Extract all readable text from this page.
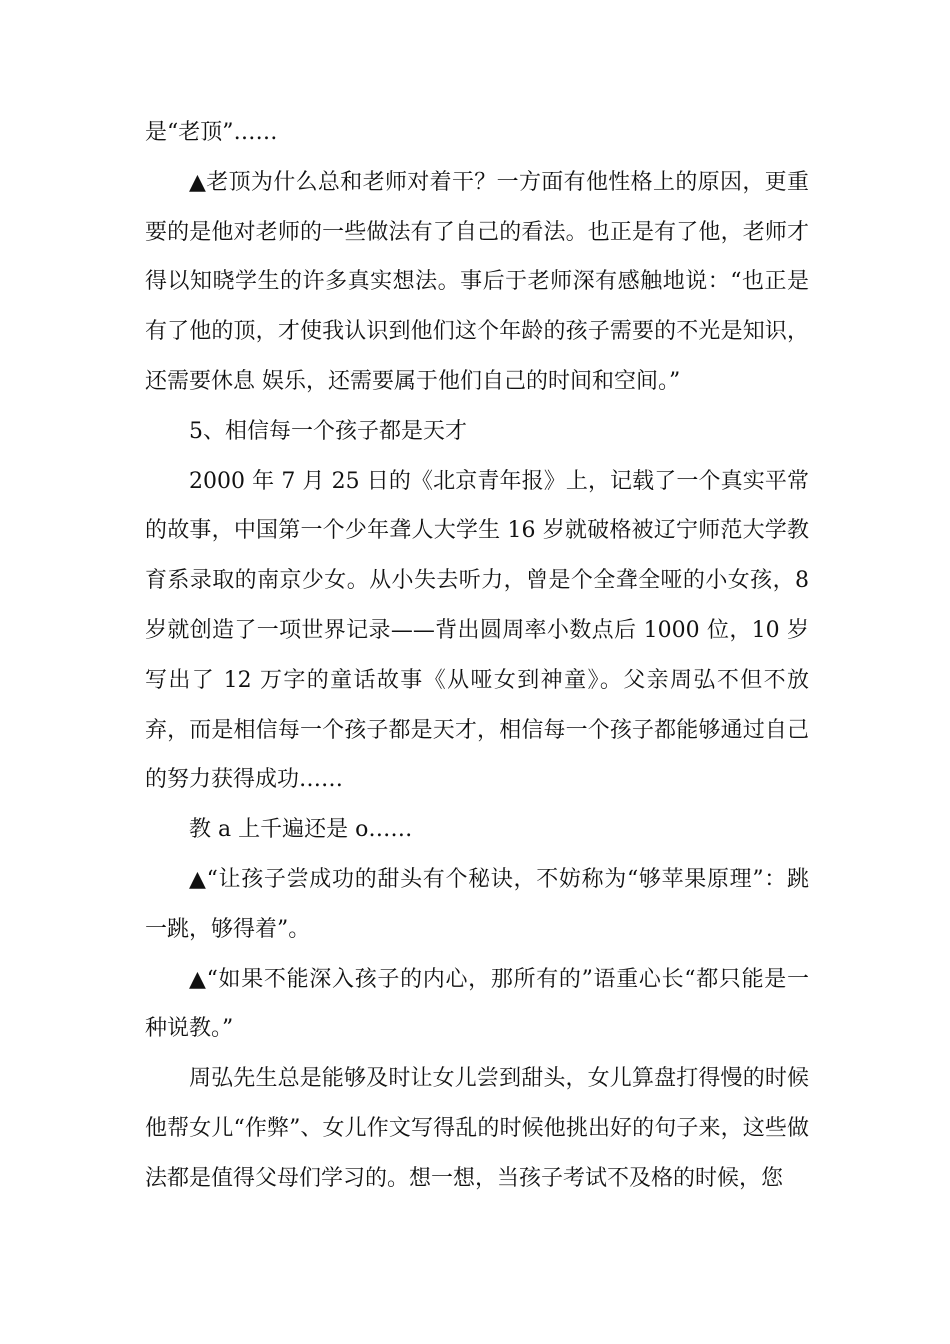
是“老顶”……

▲老顶为什么总和老师对着干？一方面有他性格上的原因，更重要的是他对老师的一些做法有了自己的看法。也正是有了他，老师才得以知晓学生的许多真实想法。事后于老师深有感触地说：“也正是有了他的顶，才使我认识到他们这个年龄的孩子需要的不光是知识，还需要休息 娱乐，还需要属于他们自己的时间和空间。”

5、相信每一个孩子都是天才

2000 年 7 月 25 日的《北京青年报》上，记载了一个真实平常的故事，中国第一个少年聋人大学生 16 岁就破格被辽宁师范大学教育系录取的南京少女。从小失去听力，曾是个全聋全哑的小女孩，8 岁就创造了一项世界记录——背出圆周率小数点后 1000 位，10 岁写出了 12 万字的童话故事《从哑女到神童》。父亲周弘不但不放弃，而是相信每一个孩子都是天才，相信每一个孩子都能够通过自己的努力获得成功……

教 a 上千遍还是 o……

▲“让孩子尝成功的甜头有个秘诀，不妨称为“够苹果原理”：跳一跳，够得着”。

▲“如果不能深入孩子的内心，那所有的”语重心长“都只能是一种说教。”

周弘先生总是能够及时让女儿尝到甜头，女儿算盘打得慢的时候他帮女儿“作弊”、女儿作文写得乱的时候他挑出好的句子来，这些做法都是值得父母们学习的。想一想，当孩子考试不及格的时候，您
